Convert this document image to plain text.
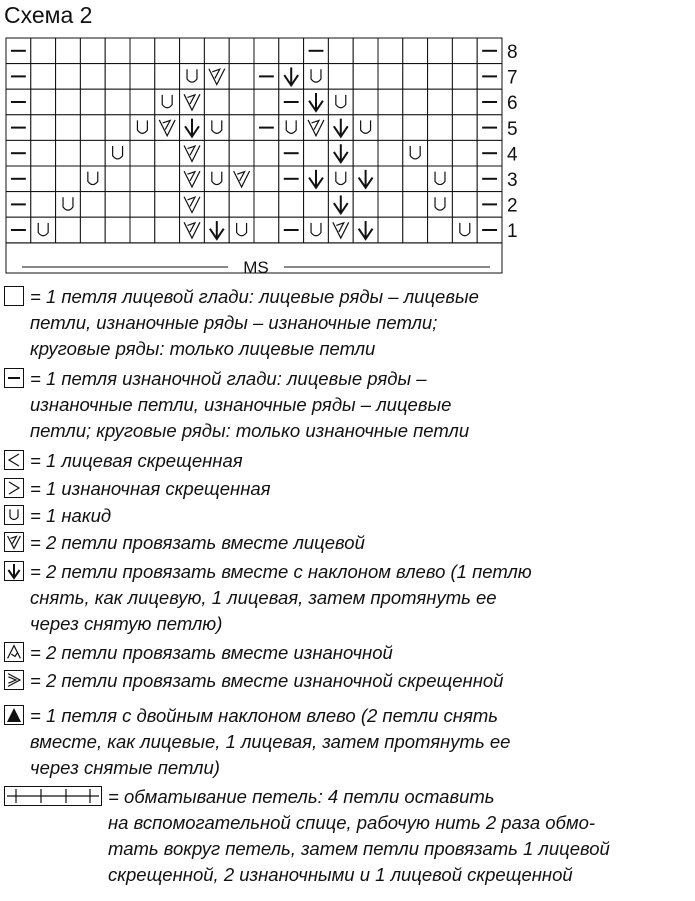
Схема 2
8
7
6
5
4
3
2
1
MS
= 1 петля лицевой глади: лицевые ряды – лицевые
петли, изнаночные ряды – изнаночные петли;
круговые ряды: только лицевые петли
= 1 петля изнаночной глади: лицевые ряды –
изнаночные петли, изнаночные ряды – лицевые
петли; круговые ряды: только изнаночные петли
= 1 лицевая скрещенная
= 1 изнаночная скрещенная
= 1 накид
= 2 петли провязать вместе лицевой
= 2 петли провязать вместе с наклоном влево (1 петлю
снять, как лицевую, 1 лицевая, затем протянуть ее
через снятую петлю)
= 2 петли провязать вместе изнаночной
= 2 петли провязать вместе изнаночной скрещенной
= 1 петля с двойным наклоном влево (2 петли снять
вместе, как лицевые, 1 лицевая, затем протянуть ее
через снятые петли)
= обматывание петель: 4 петли оставить
на вспомогательной спице, рабочую нить 2 раза обмо-
тать вокруг петель, затем петли провязать 1 лицевой
скрещенной, 2 изнаночными и 1 лицевой скрещенной
